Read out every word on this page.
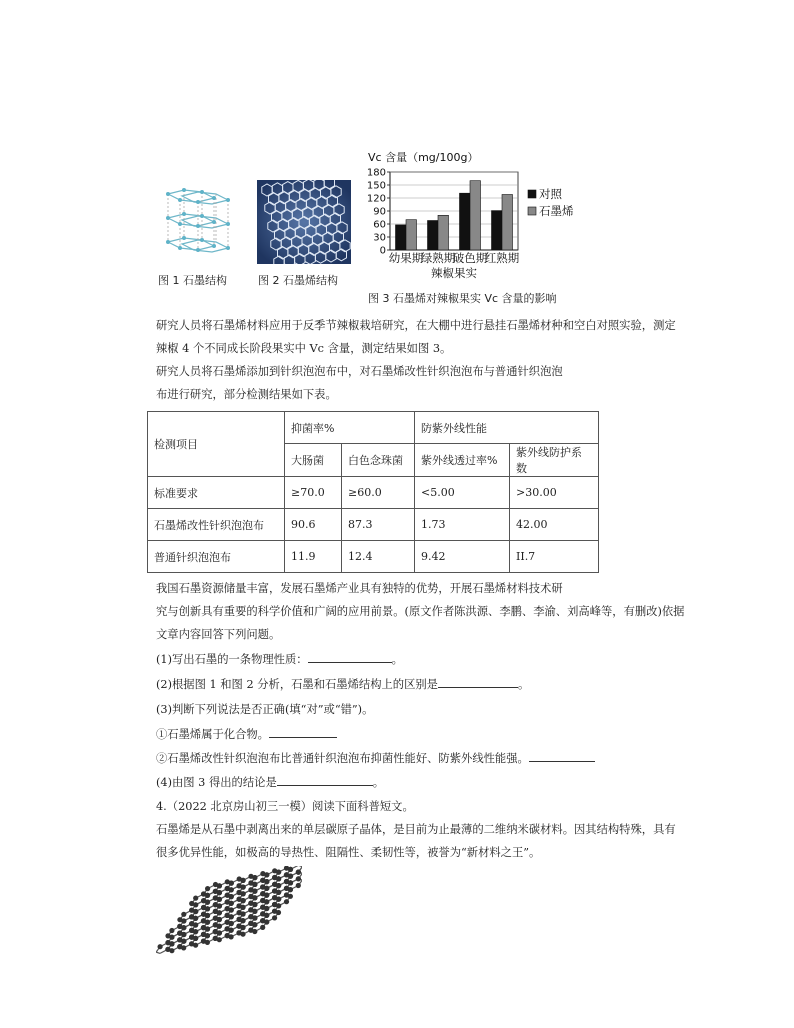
图 1 石墨结构	图 2 石墨烯结构
Vc 含量（mg/100g）
0
30
60
90
120
150
180
幼果期
绿熟期
破色期
红熟期
辣椒果实
对照
石墨烯
图 3 石墨烯对辣椒果实 Vc 含量的影响
研究人员将石墨烯材料应用于反季节辣椒栽培研究，在大棚中进行悬挂石墨烯材种和空白对照实验，测定
辣椒 4 个不同成长阶段果实中 Vc 含量，测定结果如图 3。
研究人员将石墨烯添加到针织泡泡布中，对石墨烯改性针织泡泡布与普通针织泡泡
布进行研究，部分检测结果如下表。
检测项目	抑菌率%		防紫外线性能	
	大肠菌	白色念珠菌	紫外线透过率%	紫外线防护系数
标准要求	≥70.0	≥60.0	<5.00	>30.00
石墨烯改性针织泡泡布	90.6	87.3	1.73	42.00
普通针织泡泡布	11.9	12.4	9.42	II.7
我国石墨资源储量丰富，发展石墨烯产业具有独特的优势，开展石墨烯材料技术研
究与创新具有重要的科学价值和广阔的应用前景。(原文作者陈洪源、李鹏、李渝、刘高峰等，有删改)依据
文章内容回答下列问题。
(1)写出石墨的一条物理性质：	。
(2)根据图 1 和图 2 分析，石墨和石墨烯结构上的区别是	。
(3)判断下列说法是否正确(填“对”或“错”)。
①石墨烯属于化合物。
②石墨烯改性针织泡泡布比普通针织泡泡布抑菌性能好、防紫外线性能强。
(4)由图 3 得出的结论是	。
4.（2022 北京房山初三一模）阅读下面科普短文。
石墨烯是从石墨中剥离出来的单层碳原子晶体，是目前为止最薄的二维纳米碳材料。因其结构特殊，具有
很多优异性能，如极高的导热性、阻隔性、柔韧性等，被誉为“新材料之王”。
